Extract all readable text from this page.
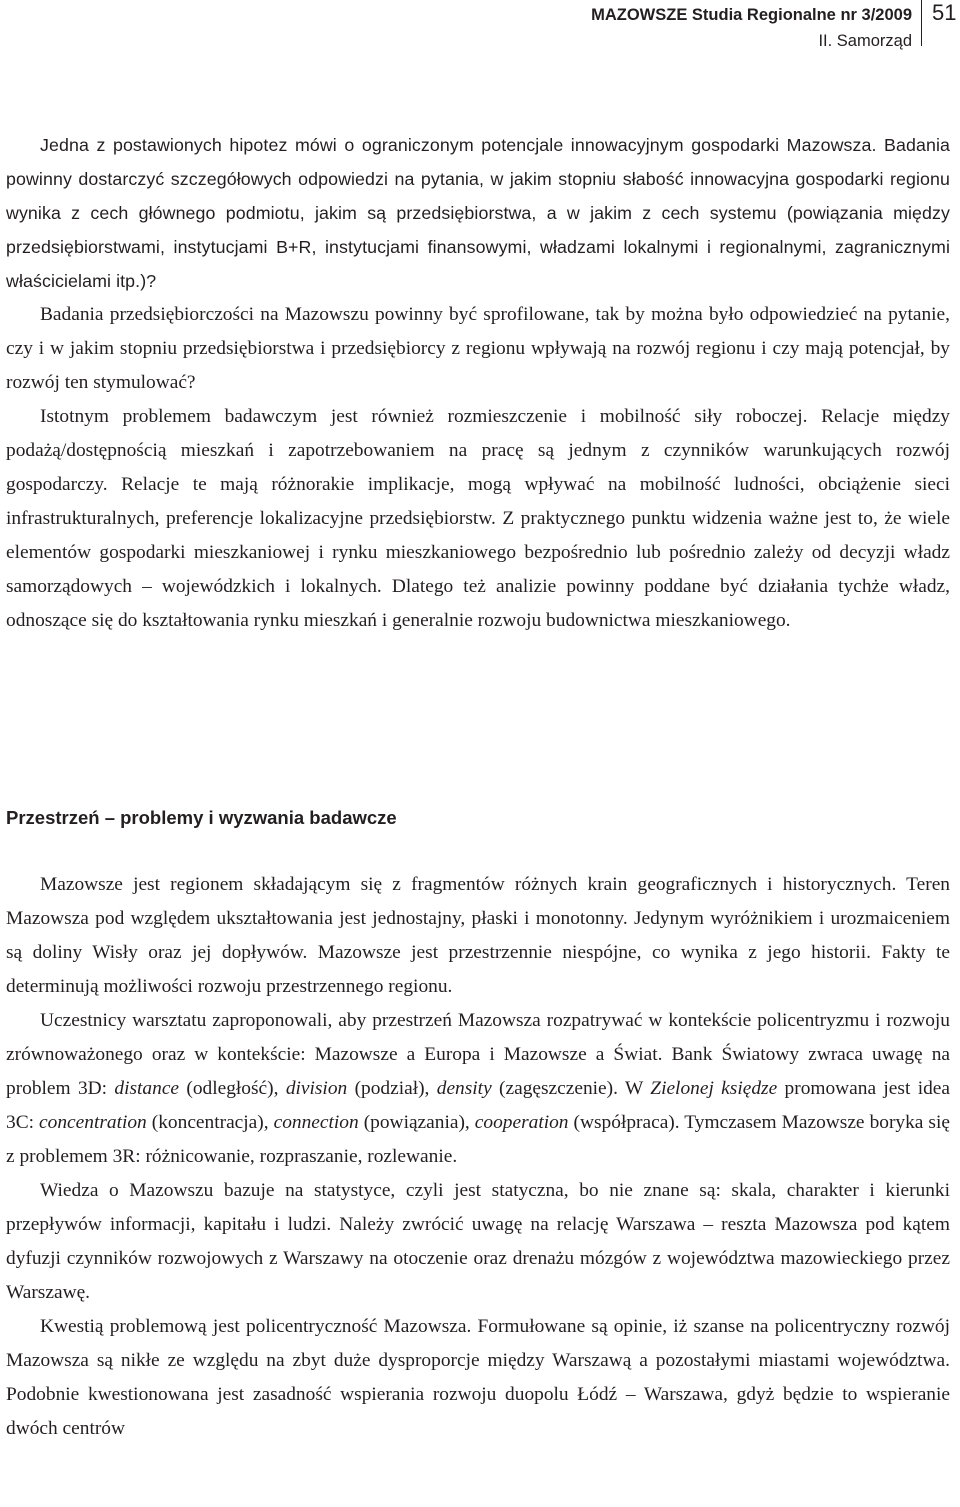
MAZOWSZE Studia Regionalne nr 3/2009
II. Samorząd
51

Jedna z postawionych hipotez mówi o ograniczonym potencjale innowacyjnym gospodarki Mazowsza. Badania powinny dostarczyć szczegółowych odpowiedzi na pytania, w jakim stopniu słabość innowacyjna gospodarki regionu wynika z cech głównego podmiotu, jakim są przedsiębiorstwa, a w jakim z cech systemu (powiązania między przedsiębiorstwami, instytucjami B+R, instytucjami finansowymi, władzami lokalnymi i regionalnymi, zagranicznymi właścicielami itp.)?

Badania przedsiębiorczości na Mazowszu powinny być sprofilowane, tak by można było odpowiedzieć na pytanie, czy i w jakim stopniu przedsiębiorstwa i przedsiębiorcy z regionu wpływają na rozwój regionu i czy mają potencjał, by rozwój ten stymulować?

Istotnym problemem badawczym jest również rozmieszczenie i mobilność siły roboczej. Relacje między podażą/dostępnością mieszkań i zapotrzebowaniem na pracę są jednym z czynników warunkujących rozwój gospodarczy. Relacje te mają różnorakie implikacje, mogą wpływać na mobilność ludności, obciążenie sieci infrastrukturalnych, preferencje lokalizacyjne przedsiębiorstw. Z praktycznego punktu widzenia ważne jest to, że wiele elementów gospodarki mieszkaniowej i rynku mieszkaniowego bezpośrednio lub pośrednio zależy od decyzji władz samorządowych – wojewódzkich i lokalnych. Dlatego też analizie powinny poddane być działania tychże władz, odnoszące się do kształtowania rynku mieszkań i generalnie rozwoju budownictwa mieszkaniowego.

Przestrzeń – problemy i wyzwania badawcze

Mazowsze jest regionem składającym się z fragmentów różnych krain geograficznych i historycznych. Teren Mazowsza pod względem ukształtowania jest jednostajny, płaski i monotonny. Jedynym wyróżnikiem i urozmaiceniem są doliny Wisły oraz jej dopływów. Mazowsze jest przestrzennie niespójne, co wynika z jego historii. Fakty te determinują możliwości rozwoju przestrzennego regionu.

Uczestnicy warsztatu zaproponowali, aby przestrzeń Mazowsza rozpatrywać w kontekście policentryzmu i rozwoju zrównoważonego oraz w kontekście: Mazowsze a Europa i Mazowsze a Świat. Bank Światowy zwraca uwagę na problem 3D: distance (odległość), division (podział), density (zagęszczenie). W Zielonej księdze promowana jest idea 3C: concentration (koncentracja), connection (powiązania), cooperation (współpraca). Tymczasem Mazowsze boryka się z problemem 3R: różnicowanie, rozpraszanie, rozlewanie.

Wiedza o Mazowszu bazuje na statystyce, czyli jest statyczna, bo nie znane są: skala, charakter i kierunki przepływów informacji, kapitału i ludzi. Należy zwrócić uwagę na relację Warszawa – reszta Mazowsza pod kątem dyfuzji czynników rozwojowych z Warszawy na otoczenie oraz drenażu mózgów z województwa mazowieckiego przez Warszawę.

Kwestią problemową jest policentryczność Mazowsza. Formułowane są opinie, iż szanse na policentryczny rozwój Mazowsza są nikłe ze względu na zbyt duże dysproporcje między Warszawą a pozostałymi miastami województwa. Podobnie kwestionowana jest zasadność wspierania rozwoju duopolu Łódź – Warszawa, gdyż będzie to wspieranie dwóch centrów
